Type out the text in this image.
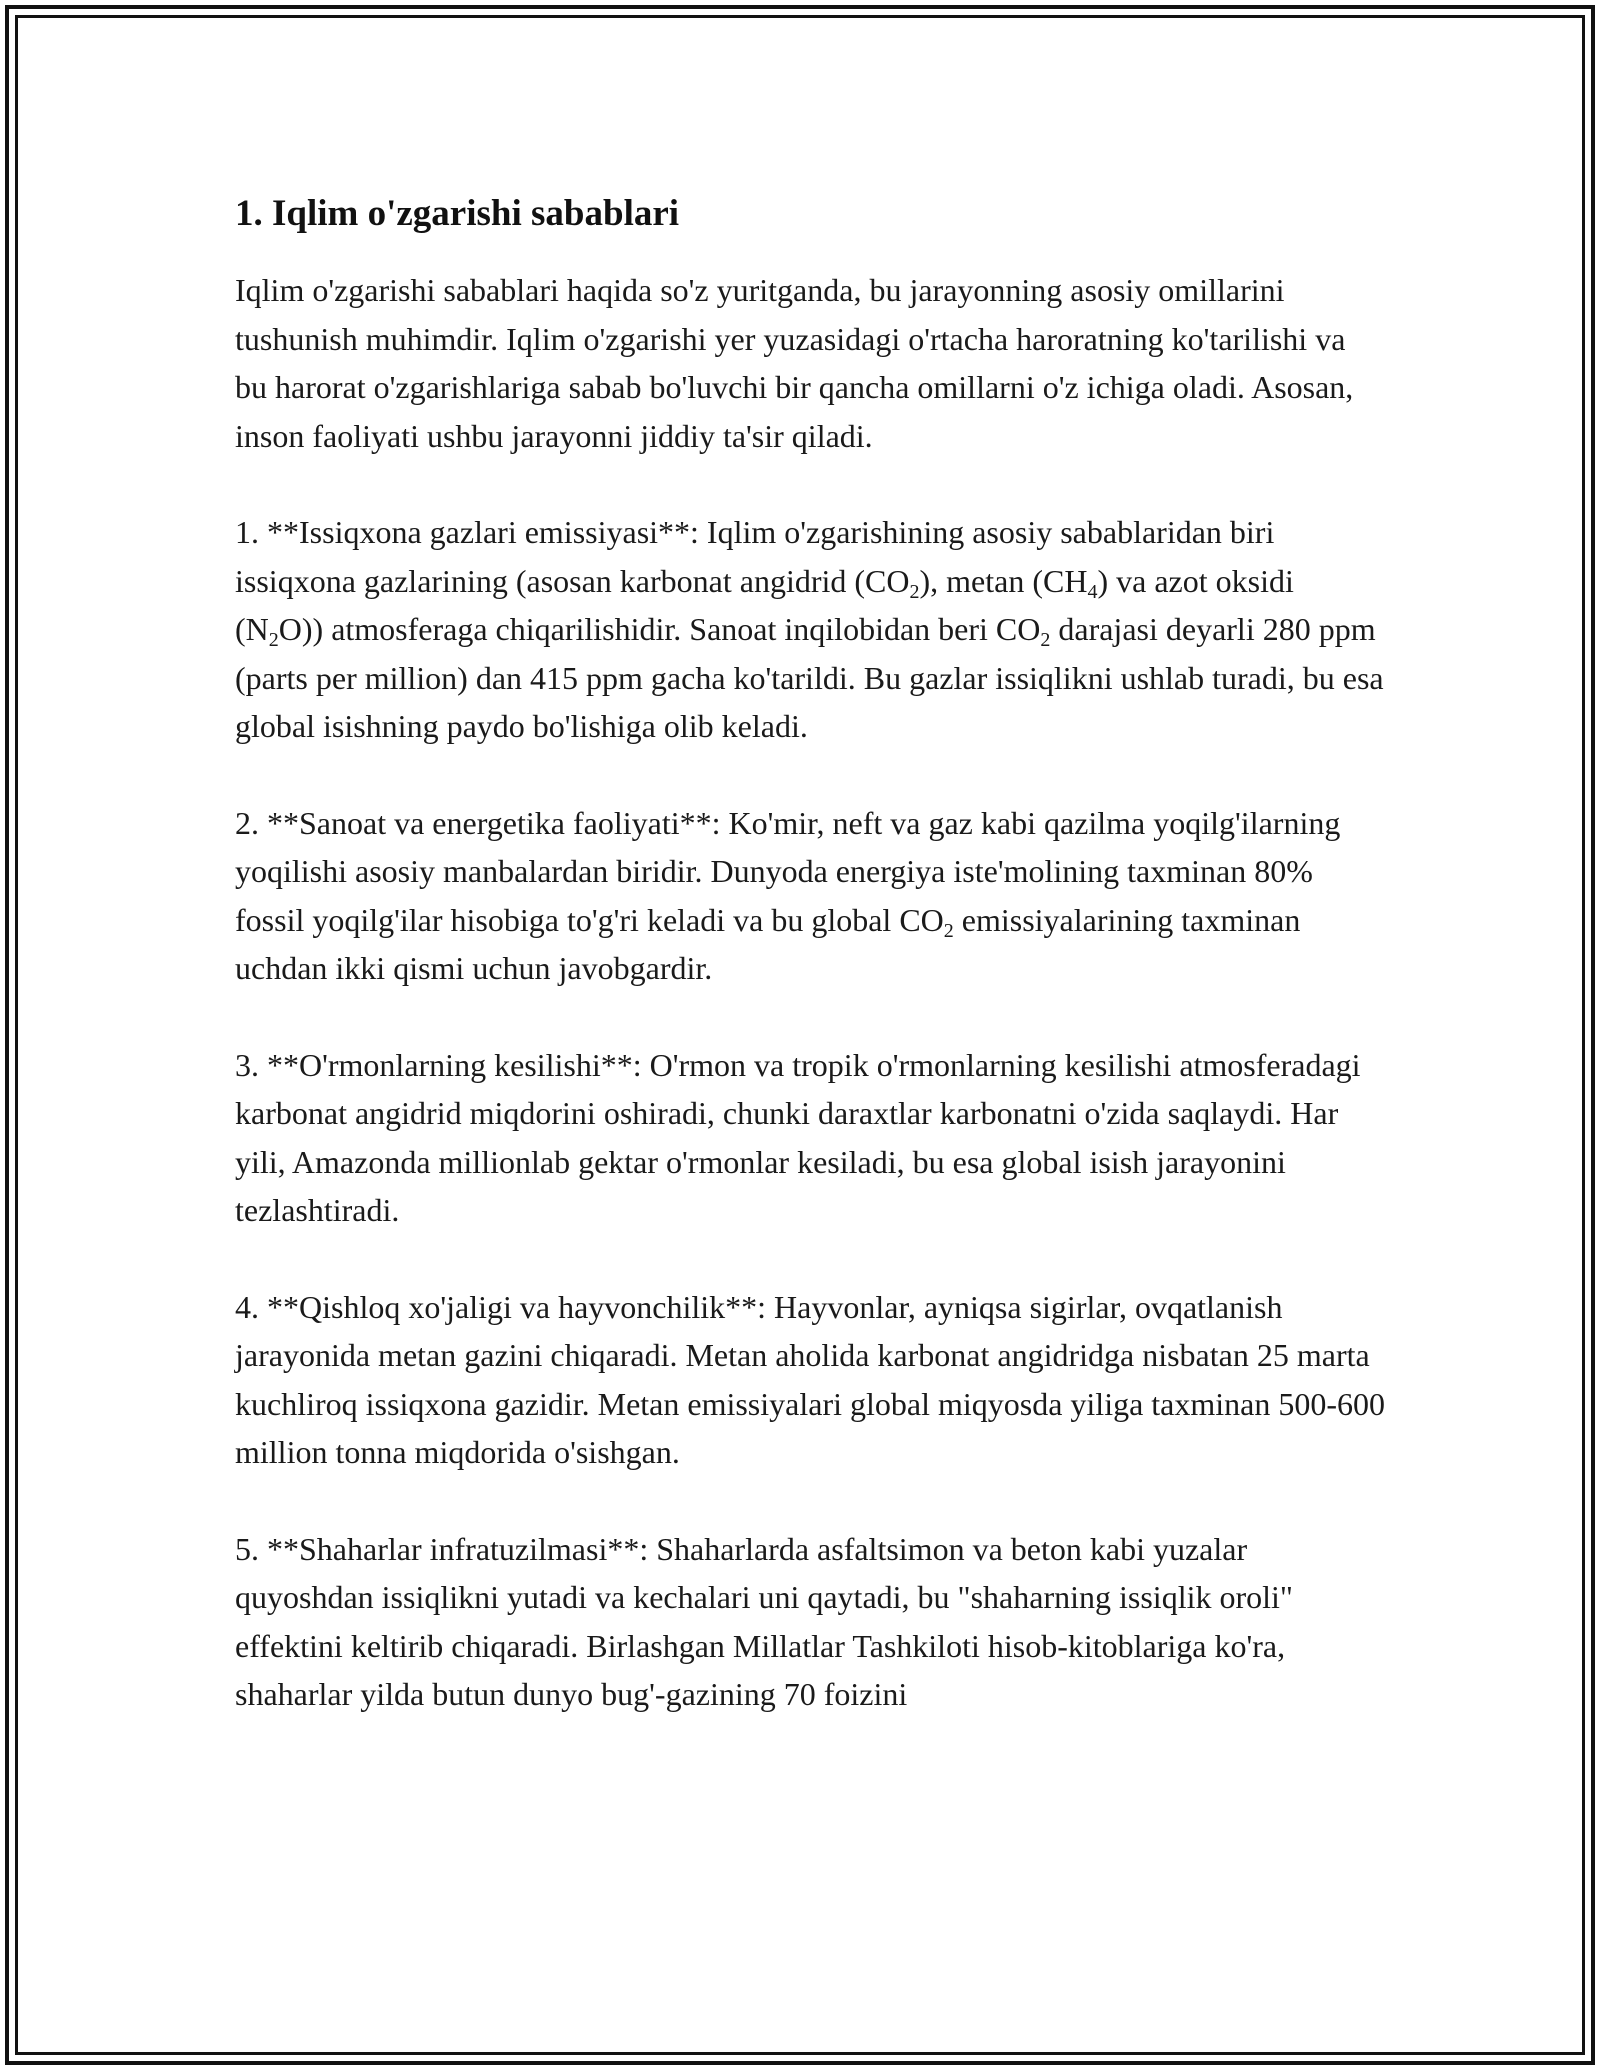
1. Iqlim o'zgarishi sabablari

Iqlim o'zgarishi sabablari haqida so'z yuritganda, bu jarayonning asosiy omillarini tushunish muhimdir. Iqlim o'zgarishi yer yuzasidagi o'rtacha haroratning ko'tarilishi va bu harorat o'zgarishlariga sabab bo'luvchi bir qancha omillarni o'z ichiga oladi. Asosan, inson faoliyati ushbu jarayonni jiddiy ta'sir qiladi.

1. **Issiqxona gazlari emissiyasi**: Iqlim o'zgarishining asosiy sabablaridan biri issiqxona gazlarining (asosan karbonat angidrid $(CO_2)$, metan $(CH_4)$ va azot oksidi $(N_2O)$) atmosferaga chiqarilishidir. Sanoat inqilobidan beri $CO_2$ darajasi deyarli 280 ppm (parts per million) dan 415 ppm gacha ko'tarildi. Bu gazlar issiqlikni ushlab turadi, bu esa global isishning paydo bo'lishiga olib keladi.

2. **Sanoat va energetika faoliyati**: Ko'mir, neft va gaz kabi qazilma yoqilg'ilarning yoqilishi asosiy manbalardan biridir. Dunyoda energiya iste'molining taxminan 80% fossil yoqilg'ilar hisobiga to'g'ri keladi va bu global $CO_2$ emissiyalarining taxminan uchdan ikki qismi uchun javobgardir.

3. **O'rmonlarning kesilishi**: O'rmon va tropik o'rmonlarning kesilishi atmosferadagi karbonat angidrid miqdorini oshiradi, chunki daraxtlar karbonatni o'zida saqlaydi. Har yili, Amazonda millionlab gektar o'rmonlar kesiladi, bu esa global isish jarayonini tezlashtiradi.

4. **Qishloq xo'jaligi va hayvonchilik**: Hayvonlar, ayniqsa sigirlar, ovqatlanish jarayonida metan gazini chiqaradi. Metan aholida karbonat angidridga nisbatan 25 marta kuchliroq issiqxona gazidir. Metan emissiyalari global miqyosda yiliga taxminan 500-600 million tonna miqdorida o'sishgan.

5. **Shaharlar infratuzilmasi**: Shaharlarda asfaltsimon va beton kabi yuzalar quyoshdan issiqlikni yutadi va kechalari uni qaytadi, bu "shaharning issiqlik oroli" effektini keltirib chiqaradi. Birlashgan Millatlar Tashkiloti hisob-kitoblariga ko'ra, shaharlar yilda butun dunyo bug'-gazining 70 foizini
